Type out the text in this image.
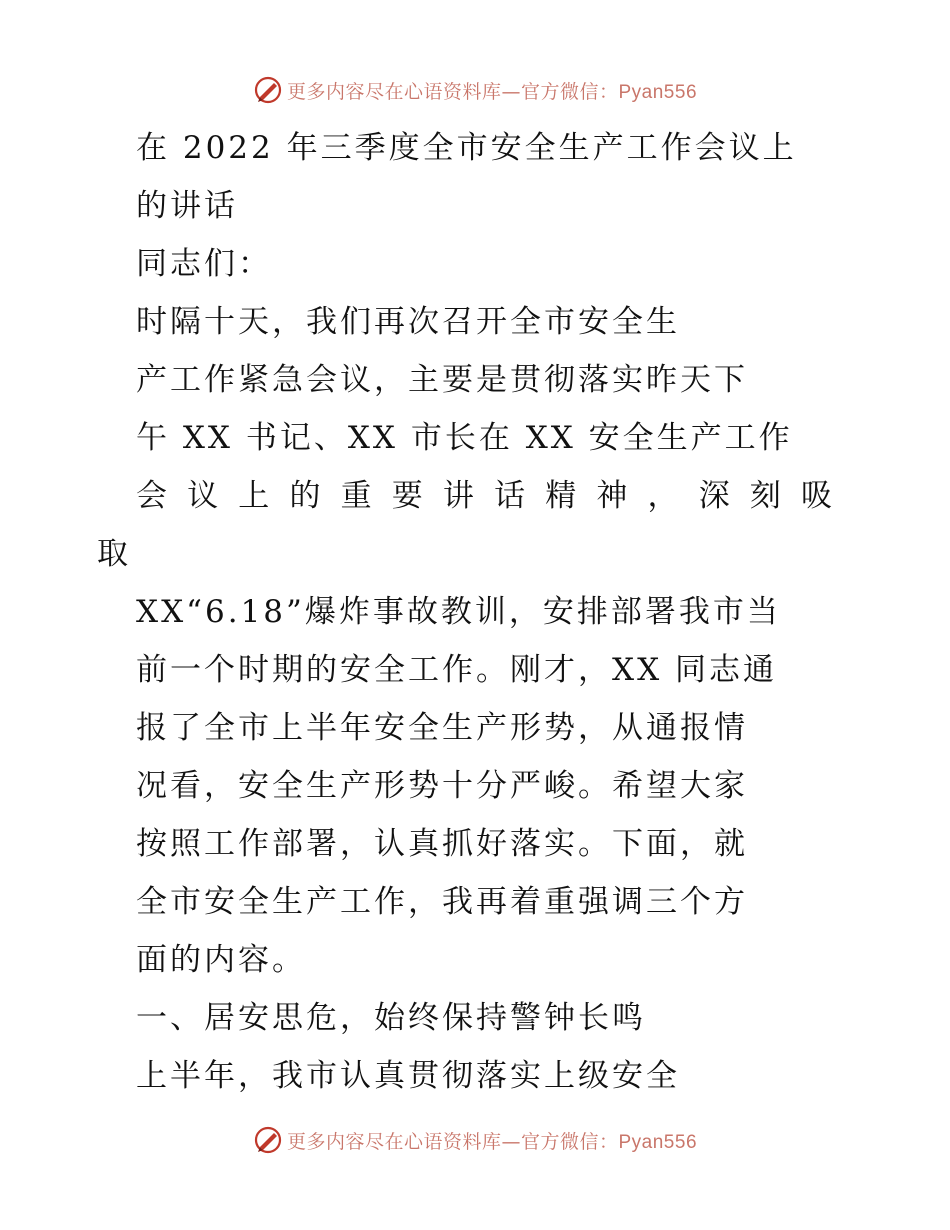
更多内容尽在心语资料库—官方微信：Pyan556
在 2022 年三季度全市安全生产工作会议上
的讲话
同志们：
时隔十天，我们再次召开全市安全生
产工作紧急会议，主要是贯彻落实昨天下
午 XX 书记、XX 市长在 XX 安全生产工作
会议上的重要讲话精神，深刻吸
取
XX“6.18”爆炸事故教训，安排部署我市当
前一个时期的安全工作。刚才，XX 同志通
报了全市上半年安全生产形势，从通报情
况看，安全生产形势十分严峻。希望大家
按照工作部署，认真抓好落实。下面，就
全市安全生产工作，我再着重强调三个方
面的内容。
一、居安思危，始终保持警钟长鸣
上半年，我市认真贯彻落实上级安全
更多内容尽在心语资料库—官方微信：Pyan556
